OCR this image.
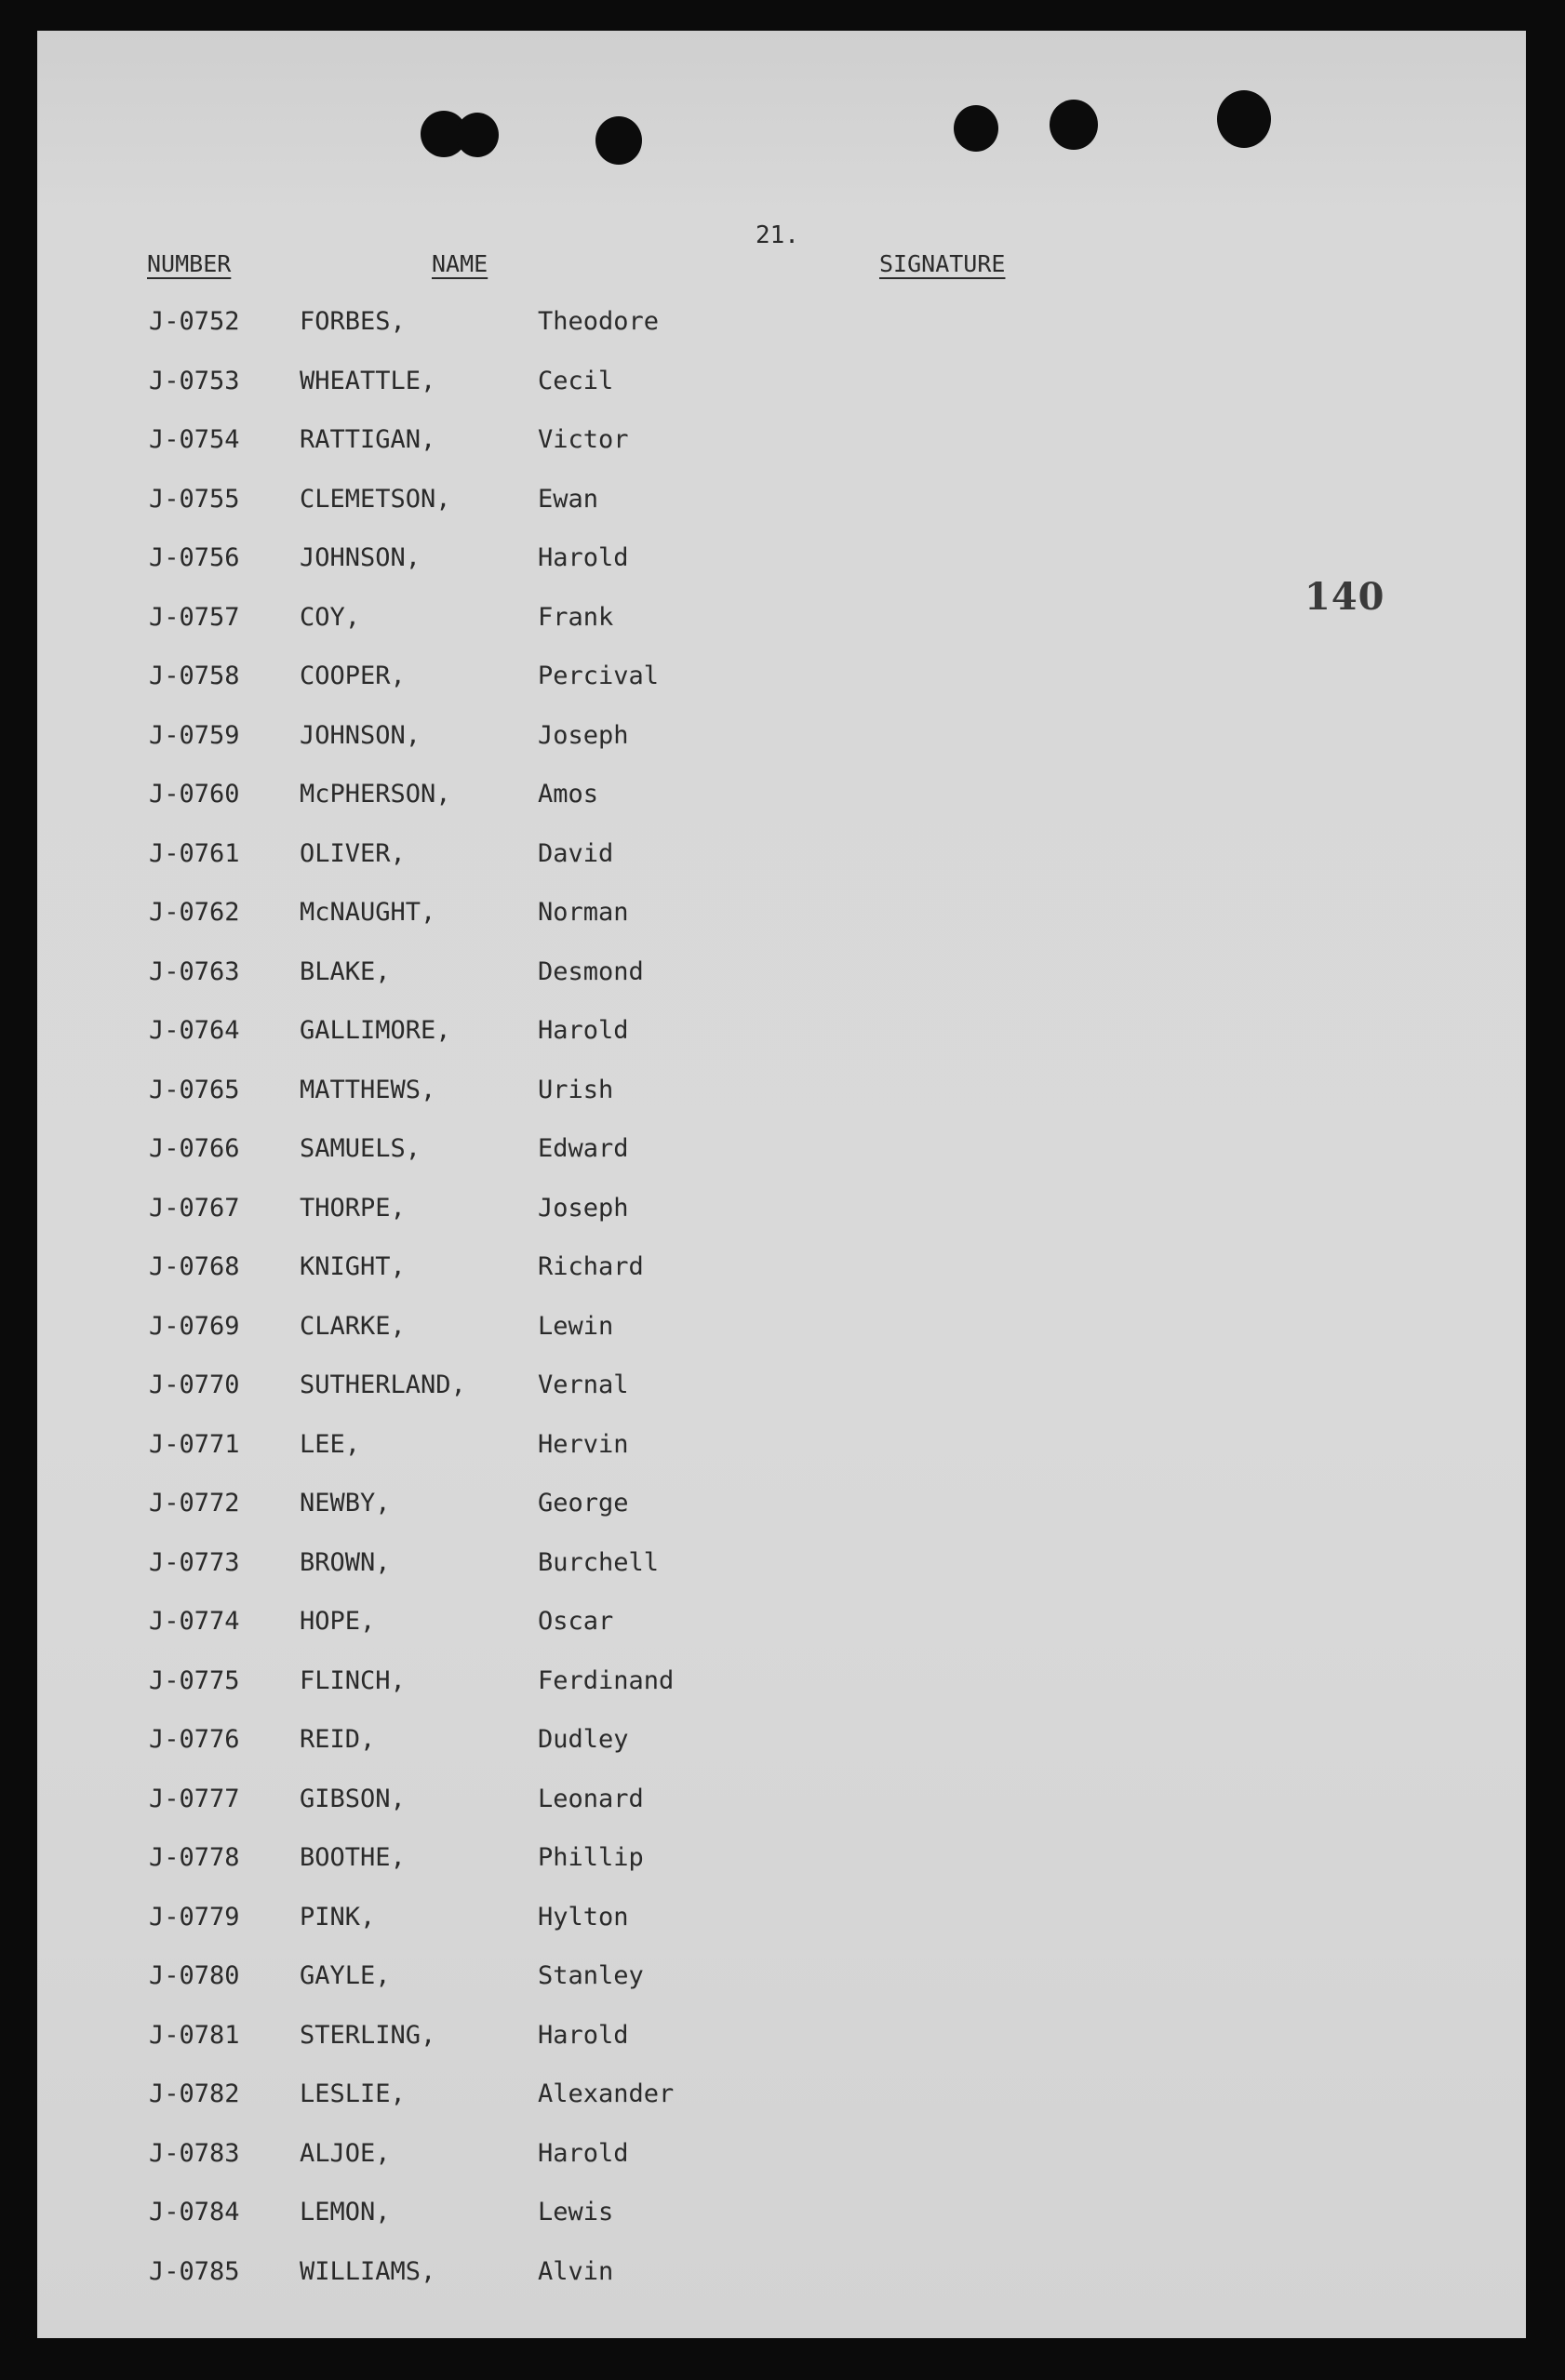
21.
140
NUMBER	NAME	SIGNATURE
J-0752 FORBES,	Theodore
J-0753 WHEATTLE,	Cecil
J-0754 RATTIGAN,	Victor
J-0755 CLEMETSON,	Ewan
J-0756 JOHNSON,	Harold
J-0757 COY,	Frank
J-0758 COOPER,	Percival
J-0759 JOHNSON,	Joseph
J-0760 McPHERSON,	Amos
J-0761 OLIVER,	David
J-0762 McNAUGHT,	Norman
J-0763 BLAKE,	Desmond
J-0764 GALLIMORE,	Harold
J-0765 MATTHEWS,	Urish
J-0766 SAMUELS,	Edward
J-0767 THORPE,	Joseph
J-0768 KNIGHT,	Richard
J-0769 CLARKE,	Lewin
J-0770 SUTHERLAND,	Vernal
J-0771 LEE,	Hervin
J-0772 NEWBY,	George
J-0773 BROWN,	Burchell
J-0774 HOPE,	Oscar
J-0775 FLINCH,	Ferdinand
J-0776 REID,	Dudley
J-0777 GIBSON,	Leonard
J-0778 BOOTHE,	Phillip
J-0779 PINK,	Hylton
J-0780 GAYLE,	Stanley
J-0781 STERLING,	Harold
J-0782 LESLIE,	Alexander
J-0783 ALJOE,	Harold
J-0784 LEMON,	Lewis
J-0785 WILLIAMS,	Alvin
